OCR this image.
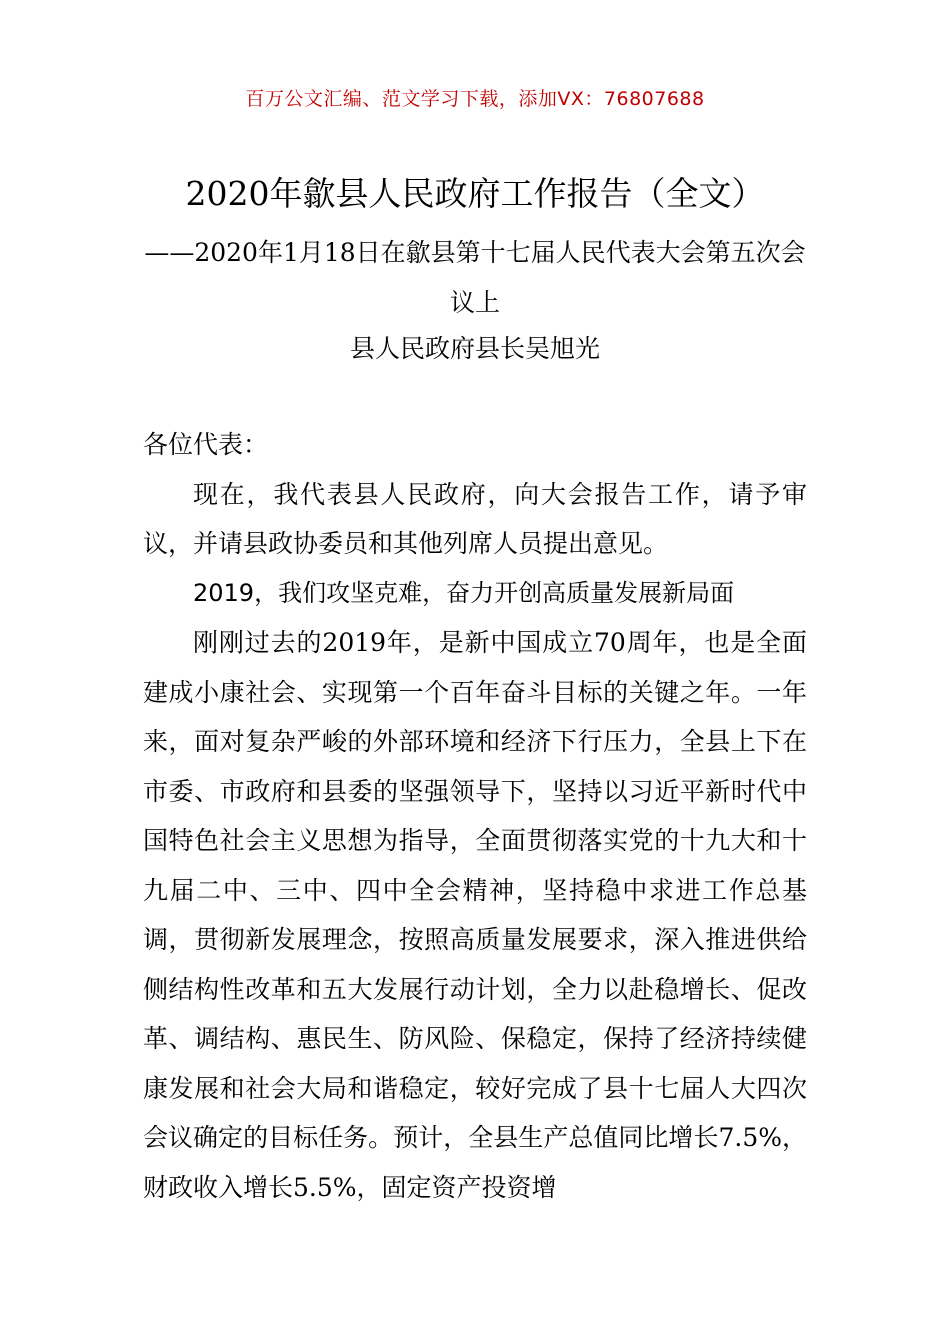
百万公文汇编、范文学习下载，添加VX：76807688
2020年歙县人民政府工作报告（全文）
——2020年1月18日在歙县第十七届人民代表大会第五次会议上
县人民政府县长吴旭光

各位代表：

现在，我代表县人民政府，向大会报告工作，请予审议，并请县政协委员和其他列席人员提出意见。

2019，我们攻坚克难，奋力开创高质量发展新局面

刚刚过去的2019年，是新中国成立70周年，也是全面建成小康社会、实现第一个百年奋斗目标的关键之年。一年来，面对复杂严峻的外部环境和经济下行压力，全县上下在市委、市政府和县委的坚强领导下，坚持以习近平新时代中国特色社会主义思想为指导，全面贯彻落实党的十九大和十九届二中、三中、四中全会精神，坚持稳中求进工作总基调，贯彻新发展理念，按照高质量发展要求，深入推进供给侧结构性改革和五大发展行动计划，全力以赴稳增长、促改革、调结构、惠民生、防风险、保稳定，保持了经济持续健康发展和社会大局和谐稳定，较好完成了县十七届人大四次会议确定的目标任务。预计，全县生产总值同比增长7.5%，财政收入增长5.5%，固定资产投资增
